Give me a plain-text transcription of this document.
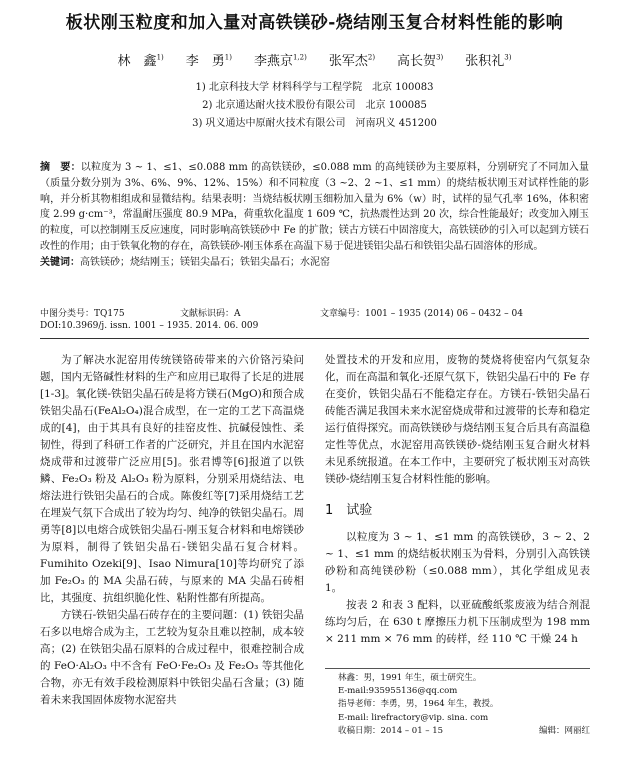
板状刚玉粒度和加入量对高铁镁砂-烧结刚玉复合材料性能的影响
林　鑫$^{1)}$ 李　勇$^{1)}$ 李燕京$^{1,2)}$ 张军杰$^{2)}$ 高长贺$^{3)}$ 张积礼$^{3)}$
1) 北京科技大学 材料科学与工程学院　北京 100083
2) 北京通达耐火技术股份有限公司　北京 100085
3) 巩义通达中原耐火技术有限公司　河南巩义 451200
摘　要：以粒度为 3 ~ 1、≤1、≤0.088 mm 的高铁镁砂，≤0.088 mm 的高纯镁砂为主要原料，分别研究了不同加入量（质量分数分别为 3%、6%、9%、12%、15%）和不同粒度（3 ~2、2 ~1、≤1 mm）的烧结板状刚玉对试样性能的影响，并分析其物相组成和显微结构。结果表明：当烧结板状刚玉细粉加入量为 6%（w）时，试样的显气孔率 16%，体积密度 2.99 g·cm⁻³，常温耐压强度 80.9 MPa，荷重软化温度 1 609 ℃，抗热震性达到 20 次，综合性能最好；改变加入刚玉的粒度，可以控制刚玉反应速度，同时影响高铁镁砂中 Fe 的扩散；镁古方镁石中固溶度大，高铁镁砂的引入可以起到方镁石改性的作用；由于铁氧化物的存在，高铁镁砂-刚玉体系在高温下易于促进镁铝尖晶石和铁铝尖晶石固溶体的形成。
关键词：高铁镁砂；烧结刚玉；镁铝尖晶石；铁铝尖晶石；水泥窑
中图分类号：TQ175	文献标识码：A	文章编号：1001 – 1935 (2014) 06 – 0432 – 04
DOI:10.3969/j. issn. 1001 – 1935. 2014. 06. 009

为了解决水泥窑用传统镁铬砖带来的六价铬污染问题，国内无铬碱性材料的生产和应用已取得了长足的进展[1-3]。氧化镁-铁铝尖晶石砖是将方镁石(MgO)和预合成铁铝尖晶石(FeAl₂O₄)混合成型，在一定的工艺下高温烧成的[4]，由于其具有良好的挂窑皮性、抗碱侵蚀性、柔韧性，得到了科研工作者的广泛研究，并且在国内水泥窑烧成带和过渡带广泛应用[5]。张君博等[6]报道了以铁鳞、Fe₂O₃ 粉及 Al₂O₃ 粉为原料，分别采用烧结法、电熔法进行铁铝尖晶石的合成。陈俊红等[7]采用烧结工艺在埋炭气氛下合成出了较为均匀、纯净的铁铝尖晶石。周勇等[8]以电熔合成铁铝尖晶石-刚玉复合材料和电熔镁砂为原料，制得了铁铝尖晶石-镁铝尖晶石复合材料。Fumihito Ozeki[9]、Isao Nimura[10]等均研究了添加 Fe₂O₃ 的 MA 尖晶石砖，与原来的 MA 尖晶石砖相比，其强度、抗组织脆化性、粘附性都有所提高。

方镁石-铁铝尖晶石砖存在的主要问题：(1) 铁铝尖晶石多以电熔合成为主，工艺较为复杂且难以控制，成本较高；(2) 在铁铝尖晶石原料的合成过程中，很难控制合成的 FeO·Al₂O₃ 中不含有 FeO·Fe₂O₃ 及 Fe₂O₃ 等其他化合物，亦无有效手段检测原料中铁铝尖晶石含量；(3) 随着未来我国固体废物水泥窑共

处置技术的开发和应用，废物的焚烧将使窑内气氛复杂化，而在高温和氧化-还原气氛下，铁铝尖晶石中的 Fe 存在变价，铁铝尖晶石不能稳定存在。方镁石-铁铝尖晶石砖能否满足我国未来水泥窑烧成带和过渡带的长寿和稳定运行值得探究。而高铁镁砂与烧结刚玉复合后具有高温稳定性等优点，水泥窑用高铁镁砂-烧结刚玉复合耐火材料未见系统报道。在本工作中，主要研究了板状刚玉对高铁镁砂-烧结刚玉复合材料性能的影响。

1　试验

以粒度为 3 ~ 1、≤1 mm 的高铁镁砂，3 ~ 2、2 ~ 1、≤1 mm 的烧结板状刚玉为骨料，分别引入高铁镁砂粉和高纯镁砂粉（≤0.088 mm），其化学组成见表 1。

按表 2 和表 3 配料，以亚硫酸纸浆废液为结合剂混练均匀后，在 630 t 摩擦压力机下压制成型为 198 mm × 211 mm × 76 mm 的砖样，经 110 ℃ 干燥 24 h

林鑫：男，1991 年生，硕士研究生。
E-mail:935955136@qq.com
指导老师：李勇，男，1964 年生，教授。
E-mail: lirefractory@vip. sina. com
收稿日期：2014 – 01 – 15	编辑：网丽红
